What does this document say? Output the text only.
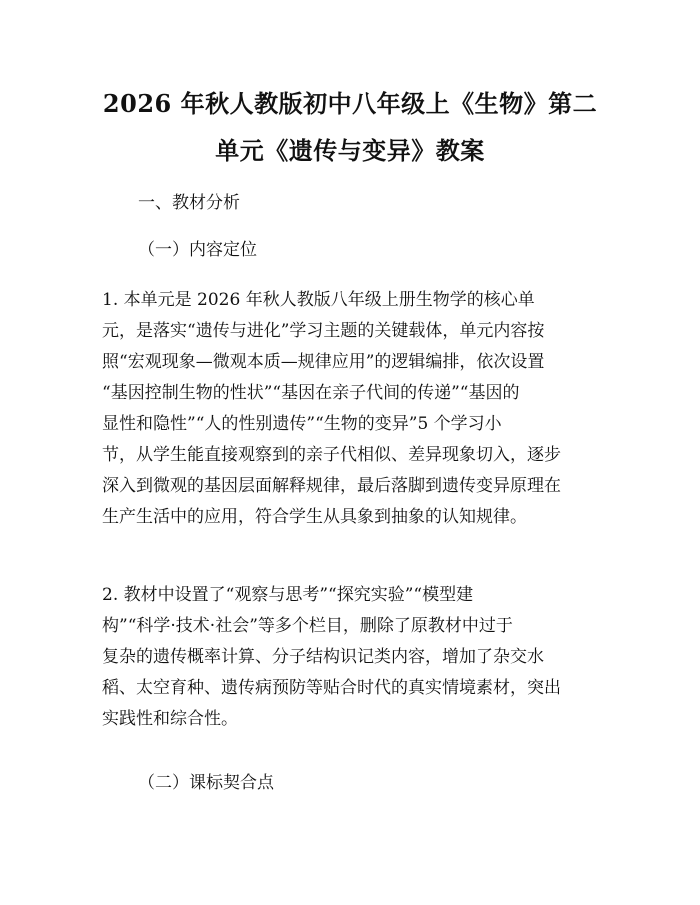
2026 年秋人教版初中八年级上《生物》第二
单元《遗传与变异》教案
一、教材分析
（一）内容定位
1. 本单元是 2026 年秋人教版八年级上册生物学的核心单
元，是落实“遗传与进化”学习主题的关键载体，单元内容按
照“宏观现象—微观本质—规律应用”的逻辑编排，依次设置
“基因控制生物的性状”“基因在亲子代间的传递”“基因的
显性和隐性”“人的性别遗传”“生物的变异”5 个学习小
节，从学生能直接观察到的亲子代相似、差异现象切入，逐步
深入到微观的基因层面解释规律，最后落脚到遗传变异原理在
生产生活中的应用，符合学生从具象到抽象的认知规律。
2. 教材中设置了“观察与思考”“探究实验”“模型建
构”“科学·技术·社会”等多个栏目，删除了原教材中过于
复杂的遗传概率计算、分子结构识记类内容，增加了杂交水
稻、太空育种、遗传病预防等贴合时代的真实情境素材，突出
实践性和综合性。
（二）课标契合点
